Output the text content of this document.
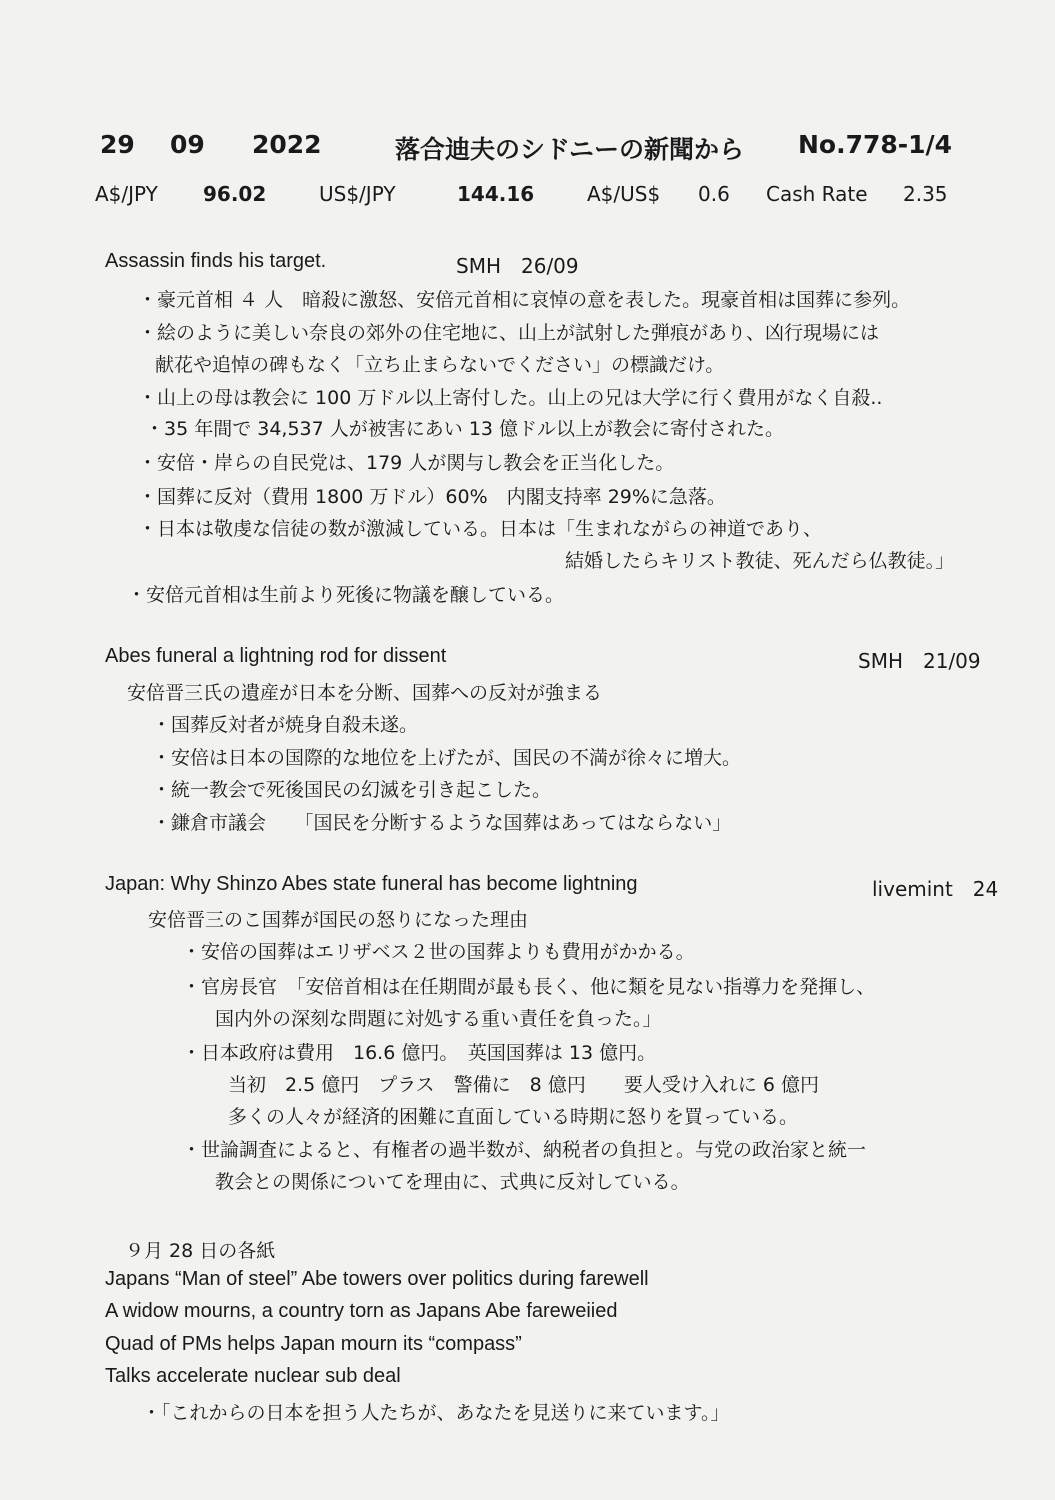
29

09

2022

	落合迪夫のシドニーの新聞から

No.778-1/4

A$/JPY 96.02	US$/JPY	144.16	A$/US$ 0.6 Cash Rate 2.35
Assassin finds his target.	SMH　26/09
・豪元首相 ４ 人　暗殺に激怒、安倍元首相に哀悼の意を表した。現豪首相は国葬に参列。
・絵のように美しい奈良の郊外の住宅地に、山上が試射した弾痕があり、凶行現場には
献花や追悼の碑もなく「立ち止まらないでください」の標識だけ。
・山上の母は教会に 100 万ドル以上寄付した。山上の兄は大学に行く費用がなく自殺..
・35 年間で 34,537 人が被害にあい 13 億ドル以上が教会に寄付された。
・安倍・岸らの自民党は、179 人が関与し教会を正当化した。
・国葬に反対（費用 1800 万ドル）60%　内閣支持率 29%に急落。
・日本は敬虔な信徒の数が激減している。日本は「生まれながらの神道であり、
結婚したらキリスト教徒、死んだら仏教徒。」
・安倍元首相は生前より死後に物議を醸している。
Abes funeral a lightning rod for dissent	SMH　21/09
安倍晋三氏の遺産が日本を分断、国葬への反対が強まる
・国葬反対者が焼身自殺未遂。
・安倍は日本の国際的な地位を上げたが、国民の不満が徐々に増大。
・統一教会で死後国民の幻滅を引き起こした。
・鎌倉市議会　　「国民を分断するような国葬はあってはならない」
Japan: Why Shinzo Abes state funeral has become lightning	livemint　24
安倍晋三のこ国葬が国民の怒りになった理由
・安倍の国葬はエリザベス２世の国葬よりも費用がかかる。
・官房長官　「安倍首相は在任期間が最も長く、他に類を見ない指導力を発揮し、
国内外の深刻な問題に対処する重い責任を負った。」
・日本政府は費用　16.6 億円。　英国国葬は 13 億円。
当初　2.5 億円　プラス　警備に　8 億円　　要人受け入れに 6 億円
多くの人々が経済的困難に直面している時期に怒りを買っている。
・世論調査によると、有権者の過半数が、納税者の負担と。与党の政治家と統一
教会との関係についてを理由に、式典に反対している。
９月 28 日の各紙
Japans “Man of steel” Abe towers over politics during farewell
A widow mourns, a country torn as Japans Abe fareweiied
Quad of PMs helps Japan mourn its “compass”
Talks accelerate nuclear sub deal
・「これからの日本を担う人たちが、あなたを見送りに来ています。」
